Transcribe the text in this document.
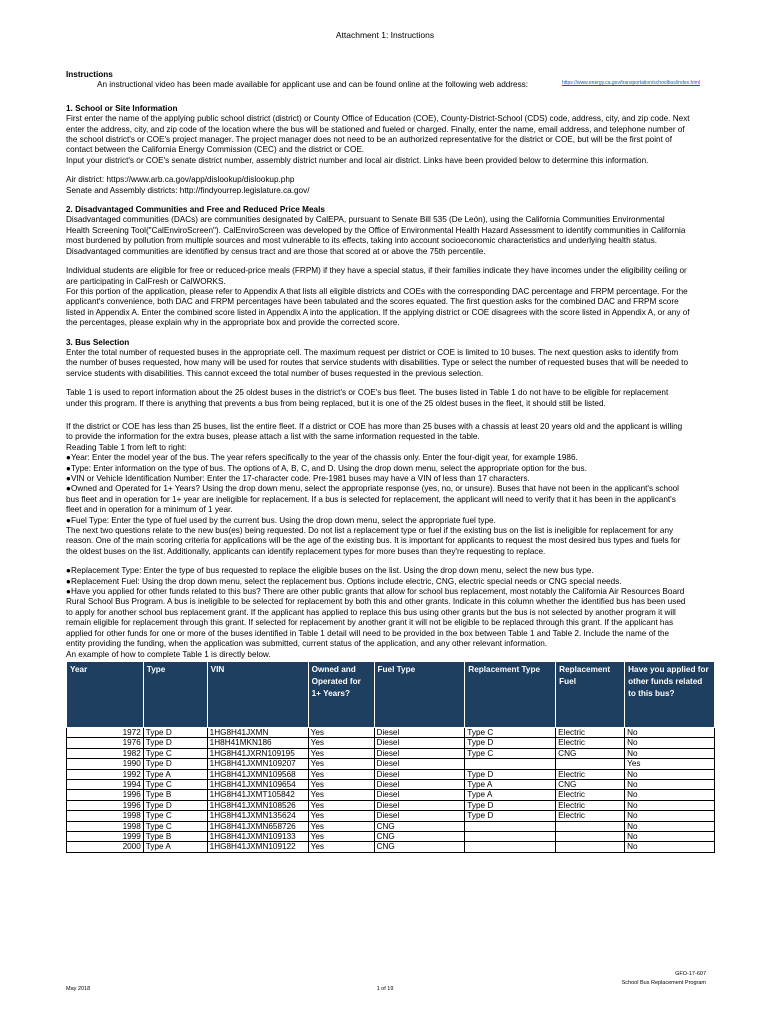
Attachment 1: Instructions

Instructions

An instructional video has been made available for applicant use and can be found online at the following web address:	https://www.energy.ca.gov/transportation/schoolbus/index.html

1. School or Site Information

First enter the name of the applying public school district (district) or County Office of Education (COE), County-District-School (CDS) code, address, city, and zip code. Next enter the address, city, and zip code of the location where the bus will be stationed and fueled or charged. Finally, enter the name, email address, and telephone number of the school district's or COE's project manager. The project manager does not need to be an authorized representative for the district or COE, but will be the first point of contact between the California Energy Commission (CEC) and the district or COE.

Input your district's or COE's senate district number, assembly district number and local air district. Links have been provided below to determine this information.

Air district: https://www.arb.ca.gov/app/dislookup/dislookup.php

Senate and Assembly districts: http://findyourrep.legislature.ca.gov/

2. Disadvantaged Communities and Free and Reduced Price Meals

Disadvantaged communities (DACs) are communities designated by CalEPA, pursuant to Senate Bill 535 (De León), using the California Communities Environmental Health Screening Tool("CalEnviroScreen"). CalEnviroScreen was developed by the Office of Environmental Health Hazard Assessment to identify communities in California most burdened by pollution from multiple sources and most vulnerable to its effects, taking into account socioeconomic characteristics and underlying health status. Disadvantaged communities are identified by census tract and are those that scored at or above the 75th percentile.

Individual students are eligible for free or reduced-price meals (FRPM) if they have a special status, if their families indicate they have incomes under the eligibility ceiling or are participating in CalFresh or CalWORKS.

For this portion of the application, please refer to Appendix A that lists all eligible districts and COEs with the corresponding DAC percentage and FRPM percentage. For the applicant's convenience, both DAC and FRPM percentages have been tabulated and the scores equated. The first question asks for the combined DAC and FRPM score listed in Appendix A. Enter the combined score listed in Appendix A into the application. If the applying district or COE disagrees with the score listed in Appendix A, or any of the percentages, please explain why in the appropriate box and provide the corrected score.

3. Bus Selection

Enter the total number of requested buses in the appropriate cell. The maximum request per district or COE is limited to 10 buses. The next question asks to identify from the number of buses requested, how many will be used for routes that service students with disabilities. Type or select the number of requested buses that will be needed to service students with disabilities. This cannot exceed the total number of buses requested in the previous selection.

Table 1 is used to report information about the 25 oldest buses in the district's or COE's bus fleet. The buses listed in Table 1 do not have to be eligible for replacement under this program. If there is anything that prevents a bus from being replaced, but it is one of the 25 oldest buses in the fleet, it should still be listed.

If the district or COE has less than 25 buses, list the entire fleet. If a district or COE has more than 25 buses with a chassis at least 20 years old and the applicant is willing to provide the information for the extra buses, please attach a list with the same information requested in the table.

Reading Table 1 from left to right:

●Year: Enter the model year of the bus. The year refers specifically to the year of the chassis only. Enter the four-digit year, for example 1986.

●Type: Enter information on the type of bus. The options of A, B, C, and D. Using the drop down menu, select the appropriate option for the bus.

●VIN or Vehicle Identification Number: Enter the 17-character code. Pre-1981 buses may have a VIN of less than 17 characters.

●Owned and Operated for 1+ Years? Using the drop down menu, select the appropriate response (yes, no, or unsure). Buses that have not been in the applicant's school bus fleet and in operation for 1+ year are ineligible for replacement. If a bus is selected for replacement, the applicant will need to verify that it has been in the applicant's fleet and in operation for a minimum of 1 year.

●Fuel Type: Enter the type of fuel used by the current bus. Using the drop down menu, select the appropriate fuel type.

The next two questions relate to the new bus(es) being requested. Do not list a replacement type or fuel if the existing bus on the list is ineligible for replacement for any reason. One of the main scoring criteria for applications will be the age of the existing bus. It is important for applicants to request the most desired bus types and fuels for the oldest buses on the list. Additionally, applicants can identify replacement types for more buses than they're requesting to replace.

●Replacement Type: Enter the type of bus requested to replace the eligible buses on the list. Using the drop down menu, select the new bus type.

●Replacement Fuel: Using the drop down menu, select the replacement bus. Options include electric, CNG, electric special needs or CNG special needs.

●Have you applied for other funds related to this bus? There are other public grants that allow for school bus replacement, most notably the California Air Resources Board Rural School Bus Program. A bus is ineligible to be selected for replacement by both this and other grants. Indicate in this column whether the identified bus has been used to apply for another school bus replacement grant. If the applicant has applied to replace this bus using other grants but the bus is not selected by another program it will remain eligible for replacement through this grant. If selected for replacement by another grant it will not be eligible to be replaced through this grant. If the applicant has applied for other funds for one or more of the buses identified in Table 1 detail will need to be provided in the box between Table 1 and Table 2. Include the name of the entity providing the funding, when the application was submitted, current status of the application, and any other relevant information.

An example of how to complete Table 1 is directly below.

Year	Type	VIN	Owned and Operated for 1+ Years?	Fuel Type	Replacement Type	Replacement Fuel	Have you applied for other funds related to this bus?
1972	Type D	1HG8H41JXMN	Yes	Diesel	Type C	Electric	No
1976	Type D	1H8H41MKN186	Yes	Diesel	Type D	Electric	No
1982	Type C	1HG8H41JXRN109195	Yes	Diesel	Type C	CNG	No
1990	Type D	1HG8H41JXMN109207	Yes	Diesel			Yes
1992	Type A	1HG8H41JXMN109568	Yes	Diesel	Type D	Electric	No
1994	Type C	1HG8H41JXMN109654	Yes	Diesel	Type A	CNG	No
1996	Type B	1HG8H41JXMT105842	Yes	Diesel	Type A	Electric	No
1996	Type D	1HG8H41JXMN108526	Yes	Diesel	Type D	Electric	No
1998	Type C	1HG8H41JXMN135624	Yes	Diesel	Type D	Electric	No
1998	Type C	1HG8H41JXMN658726	Yes	CNG			No
1999	Type B	1HG8H41JXMN109133	Yes	CNG			No
2000	Type A	1HG8H41JXMN109122	Yes	CNG			No
May 2018	1 of 19
GFO-17-607
School Bus Replacement Program
